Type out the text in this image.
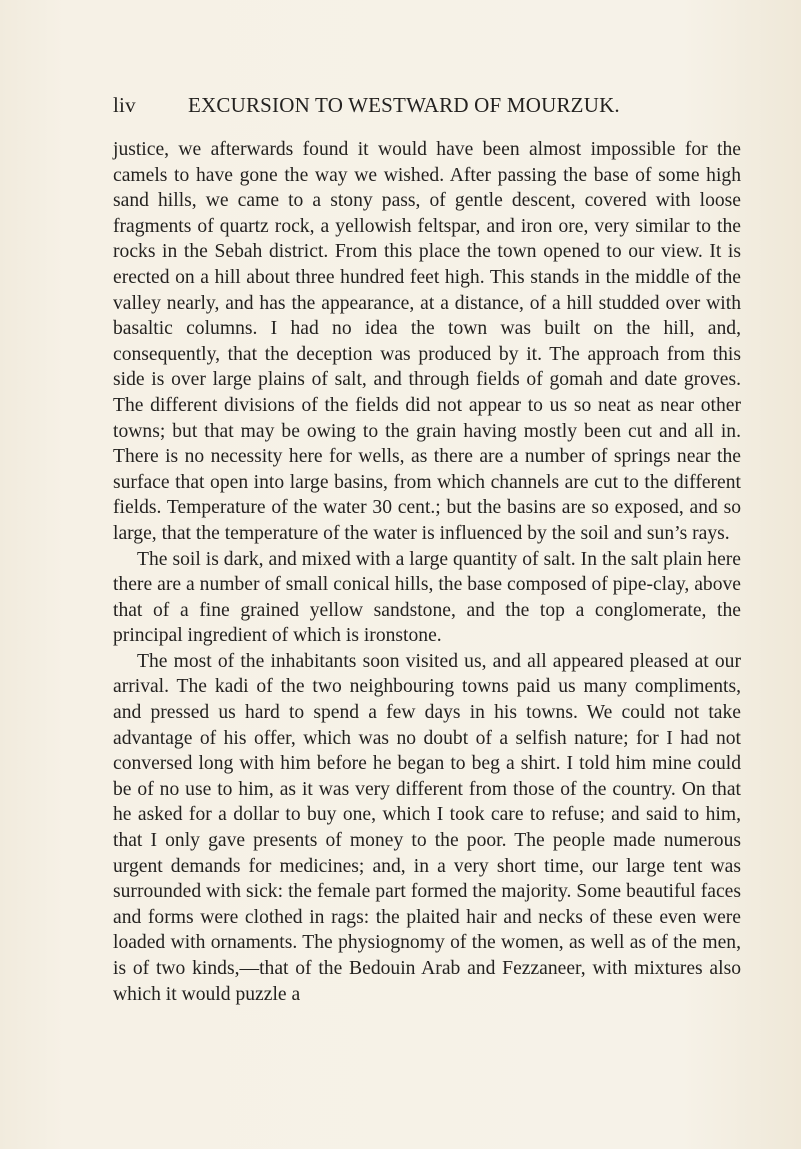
liv EXCURSION TO WESTWARD OF MOURZUK.

justice, we afterwards found it would have been almost impossible for the camels to have gone the way we wished. After passing the base of some high sand hills, we came to a stony pass, of gentle descent, covered with loose fragments of quartz rock, a yellowish feltspar, and iron ore, very similar to the rocks in the Sebah district. From this place the town opened to our view. It is erected on a hill about three hundred feet high. This stands in the middle of the valley nearly, and has the appearance, at a distance, of a hill studded over with basaltic columns. I had no idea the town was built on the hill, and, consequently, that the deception was produced by it. The approach from this side is over large plains of salt, and through fields of gomah and date groves. The different divisions of the fields did not appear to us so neat as near other towns; but that may be owing to the grain having mostly been cut and all in. There is no necessity here for wells, as there are a number of springs near the surface that open into large basins, from which channels are cut to the different fields. Temperature of the water 30 cent.; but the basins are so exposed, and so large, that the temperature of the water is influenced by the soil and sun’s rays.

The soil is dark, and mixed with a large quantity of salt. In the salt plain here there are a number of small conical hills, the base composed of pipe-clay, above that of a fine grained yellow sandstone, and the top a conglomerate, the principal ingredient of which is ironstone.

The most of the inhabitants soon visited us, and all appeared pleased at our arrival. The kadi of the two neighbouring towns paid us many compliments, and pressed us hard to spend a few days in his towns. We could not take advantage of his offer, which was no doubt of a selfish nature; for I had not conversed long with him before he began to beg a shirt. I told him mine could be of no use to him, as it was very different from those of the country. On that he asked for a dollar to buy one, which I took care to refuse; and said to him, that I only gave presents of money to the poor. The people made numerous urgent demands for medicines; and, in a very short time, our large tent was surrounded with sick: the female part formed the majority. Some beautiful faces and forms were clothed in rags: the plaited hair and necks of these even were loaded with ornaments. The physiognomy of the women, as well as of the men, is of two kinds,—that of the Bedouin Arab and Fezzaneer, with mixtures also which it would puzzle a
